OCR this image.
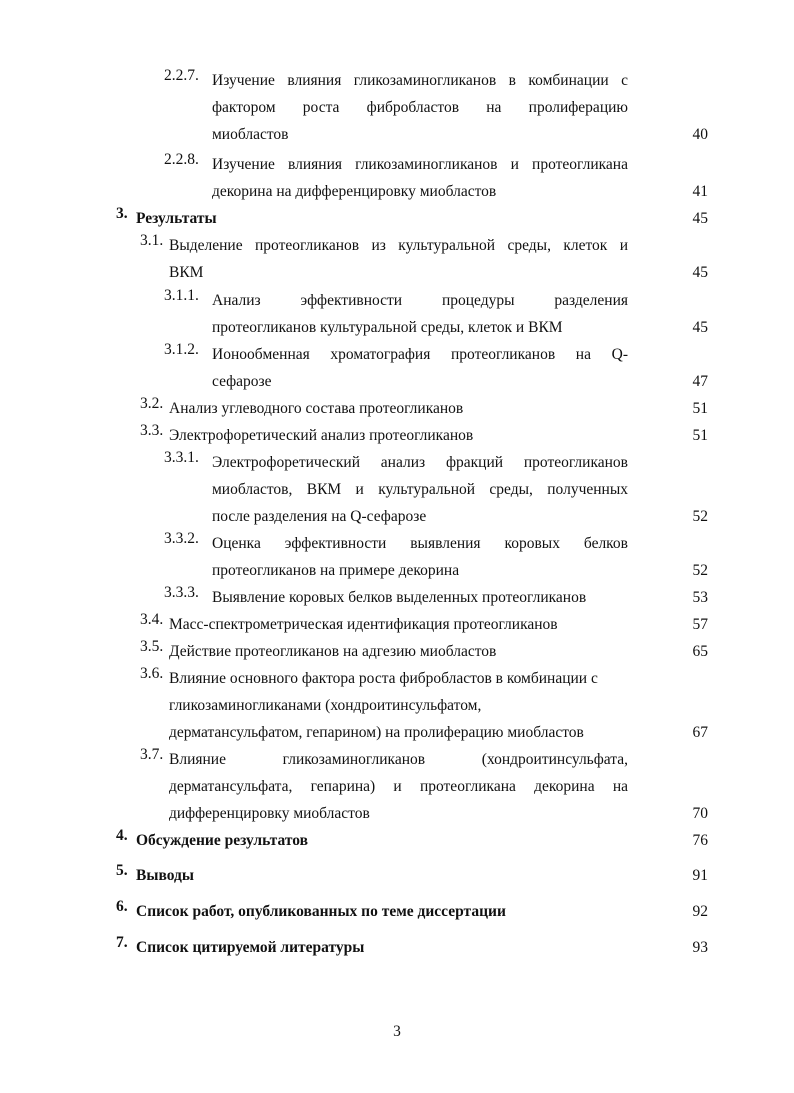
2.2.7. Изучение влияния гликозаминогликанов в комбинации с
фактором роста фибробластов на пролиферацию
миобластов	40
2.2.8. Изучение влияния гликозаминогликанов и протеогликана
декорина на дифференцировку миобластов	41
3. Результаты	45
3.1. Выделение протеогликанов из культуральной среды, клеток и
ВКМ	45
3.1.1. Анализ эффективности процедуры разделения
протеогликанов культуральной среды, клеток и ВКМ	45
3.1.2. Ионообменная хроматография протеогликанов на Q-
сефарозе	47
3.2. Анализ углеводного состава протеогликанов	51
3.3. Электрофоретический анализ протеогликанов	51
3.3.1. Электрофоретический анализ фракций протеогликанов
миобластов, ВКМ и культуральной среды, полученных
после разделения на Q-сефарозе	52
3.3.2. Оценка эффективности выявления коровых белков
протеогликанов на примере декорина	52
3.3.3. Выявление коровых белков выделенных протеогликанов	53
3.4. Масс-спектрометрическая идентификация протеогликанов	57
3.5. Действие протеогликанов на адгезию миобластов	65
3.6. Влияние основного фактора роста фибробластов в комбинации с
гликозаминогликанами (хондроитинсульфатом,
дерматансульфатом, гепарином) на пролиферацию миобластов	67
3.7. Влияние гликозаминогликанов (хондроитинсульфата,
дерматансульфата, гепарина) и протеогликана декорина на
дифференцировку миобластов	70
4. Обсуждение результатов	76
5. Выводы	91
6. Список работ, опубликованных по теме диссертации	92
7. Список цитируемой литературы	93
3
